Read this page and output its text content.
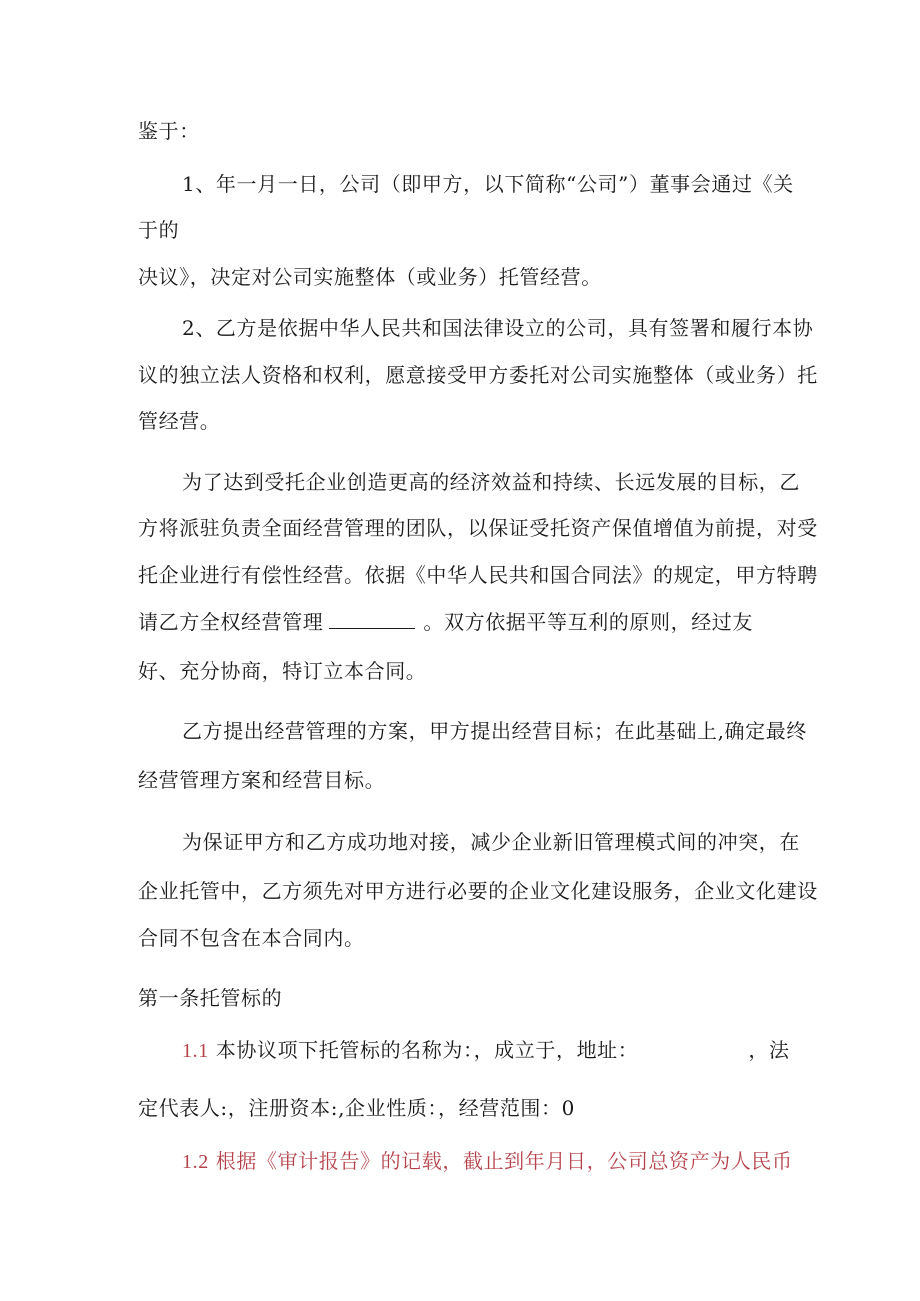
鉴于：
1、年一月一日，公司（即甲方，以下简称“公司”）董事会通过《关
于的
决议》，决定对公司实施整体（或业务）托管经营。
2、乙方是依据中华人民共和国法律设立的公司，具有签署和履行本协
议的独立法人资格和权利，愿意接受甲方委托对公司实施整体（或业务）托
管经营。
为了达到受托企业创造更高的经济效益和持续、长远发展的目标，乙
方将派驻负责全面经营管理的团队，以保证受托资产保值增值为前提，对受
托企业进行有偿性经营。依据《中华人民共和国合同法》的规定，甲方特聘
请乙方全权经营管理	。双方依据平等互利的原则，经过友
好、充分协商，特订立本合同。
乙方提出经营管理的方案，甲方提出经营目标；在此基础上,确定最终
经营管理方案和经营目标。
为保证甲方和乙方成功地对接，减少企业新旧管理模式间的冲突，在
企业托管中，乙方须先对甲方进行必要的企业文化建设服务，企业文化建设
合同不包含在本合同内。
第一条托管标的
1.1 本协议项下托管标的名称为：，成立于，地址：	，法
定代表人:，注册资本:,企业性质：，经营范围：0
1.2 根据《审计报告》的记载，截止到年月日，公司总资产为人民币
